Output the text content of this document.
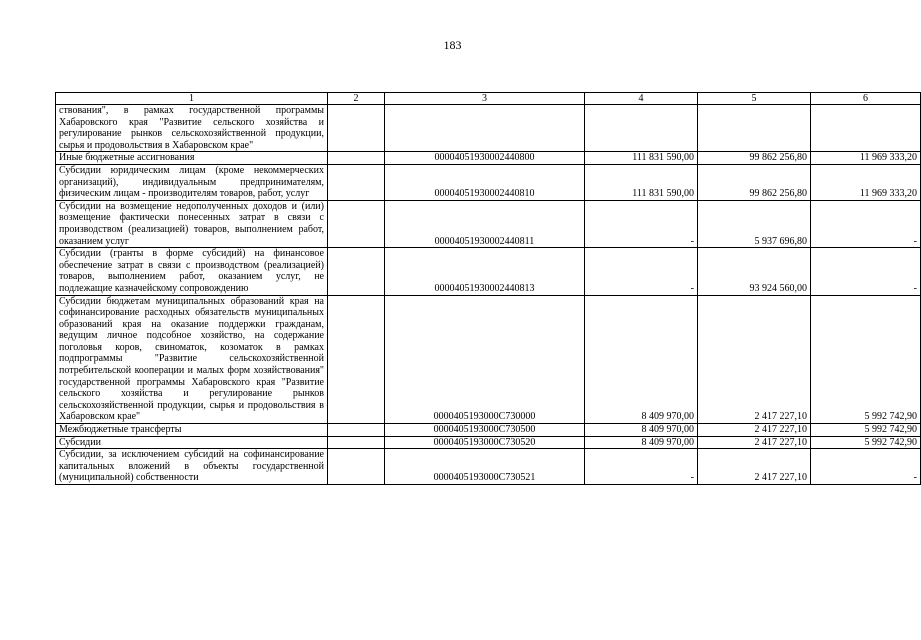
183
1	2	3	4	5	6
ствования", в рамках государственной программы Хабаровского края "Развитие сельского хозяйства и регулирование рынков сельскохозяйственной продукции, сырья и продовольствия в Хабаровском крае"					
Иные бюджетные ассигнования		00004051930002440800	111 831 590,00	99 862 256,80	11 969 333,20
Субсидии юридическим лицам (кроме некоммерческих организаций), индивидуальным предпринимателям, физическим лицам - производителям товаров, работ, услуг		00004051930002440810	111 831 590,00	99 862 256,80	11 969 333,20
Субсидии на возмещение недополученных доходов и (или) возмещение фактически понесенных затрат в связи с производством (реализацией) товаров, выполнением работ, оказанием услуг		00004051930002440811	-	5 937 696,80	-
Субсидии (гранты в форме субсидий) на финансовое обеспечение затрат в связи с производством (реализацией) товаров, выполнением работ, оказанием услуг, не подлежащие казначейскому сопровождению		00004051930002440813	-	93 924 560,00	-
Субсидии бюджетам муниципальных образований края на софинансирование расходных обязательств муниципальных образований края на оказание поддержки гражданам, ведущим личное подсобное хозяйство, на содержание поголовья коров, свиноматок, козоматок в рамках подпрограммы "Развитие сельскохозяйственной потребительской кооперации и малых форм хозяйствования" государственной программы Хабаровского края "Развитие сельского хозяйства и регулирование рынков сельскохозяйственной продукции, сырья и продовольствия в Хабаровском крае"		0000405193000С730000	8 409 970,00	2 417 227,10	5 992 742,90
Межбюджетные трансферты		0000405193000С730500	8 409 970,00	2 417 227,10	5 992 742,90
Субсидии		0000405193000С730520	8 409 970,00	2 417 227,10	5 992 742,90
Субсидии, за исключением субсидий на софинансирование капитальных вложений в объекты государственной (муниципальной) собственности		0000405193000С730521	-	2 417 227,10	-
